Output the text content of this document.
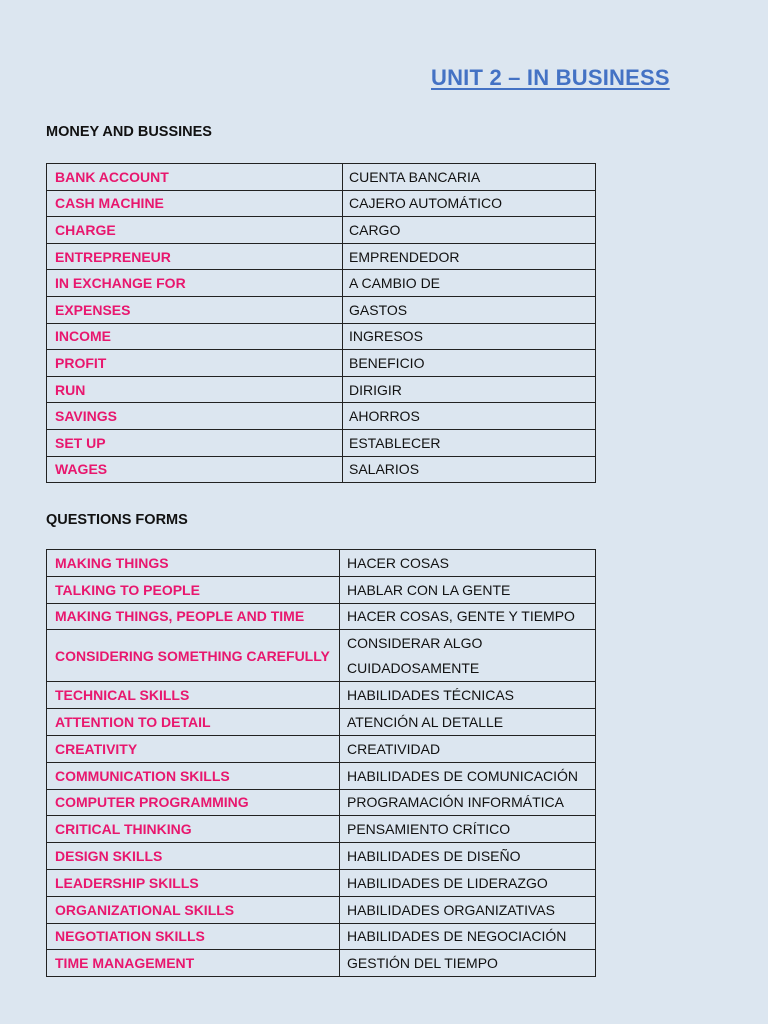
UNIT 2 – IN BUSINESS
MONEY AND BUSSINES
BANK ACCOUNT	CUENTA BANCARIA
CASH MACHINE	CAJERO AUTOMÁTICO
CHARGE	CARGO
ENTREPRENEUR	EMPRENDEDOR
IN EXCHANGE FOR	A CAMBIO DE
EXPENSES	GASTOS
INCOME	INGRESOS
PROFIT	BENEFICIO
RUN	DIRIGIR
SAVINGS	AHORROS
SET UP	ESTABLECER
WAGES	SALARIOS
QUESTIONS FORMS
MAKING THINGS	HACER COSAS
TALKING TO PEOPLE	HABLAR CON LA GENTE
MAKING THINGS, PEOPLE AND TIME	HACER COSAS, GENTE Y TIEMPO
CONSIDERING SOMETHING CAREFULLY	CONSIDERAR ALGO CUIDADOSAMENTE
TECHNICAL SKILLS	HABILIDADES TÉCNICAS
ATTENTION TO DETAIL	ATENCIÓN AL DETALLE
CREATIVITY	CREATIVIDAD
COMMUNICATION SKILLS	HABILIDADES DE COMUNICACIÓN
COMPUTER PROGRAMMING	PROGRAMACIÓN INFORMÁTICA
CRITICAL THINKING	PENSAMIENTO CRÍTICO
DESIGN SKILLS	HABILIDADES DE DISEÑO
LEADERSHIP SKILLS	HABILIDADES DE LIDERAZGO
ORGANIZATIONAL SKILLS	HABILIDADES ORGANIZATIVAS
NEGOTIATION SKILLS	HABILIDADES DE NEGOCIACIÓN
TIME MANAGEMENT	GESTIÓN DEL TIEMPO
